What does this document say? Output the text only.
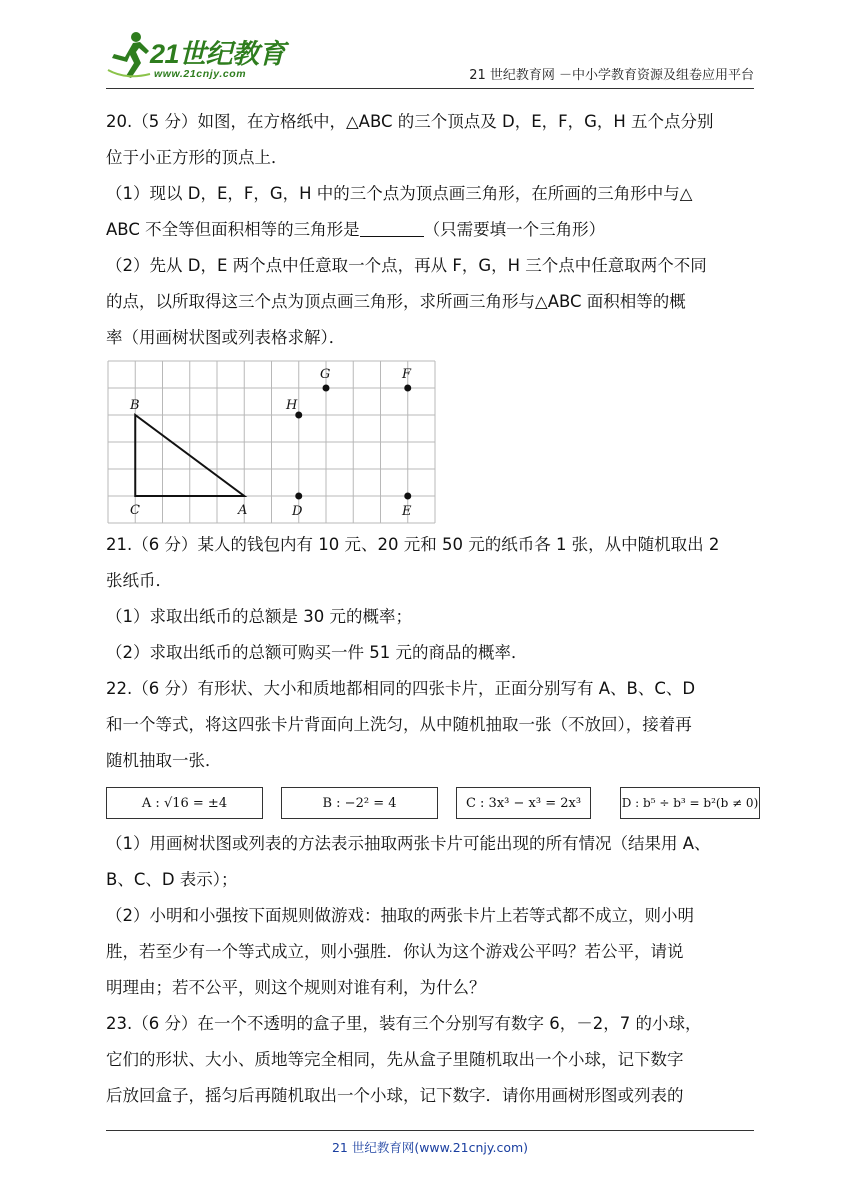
21世纪教育
www.21cnjy.com	21 世纪教育网 －中小学教育资源及组卷应用平台

20.（5 分）如图，在方格纸中，△ABC 的三个顶点及 D，E，F，G，H 五个点分别

位于小正方形的顶点上．

（1）现以 D，E，F，G，H 中的三个点为顶点画三角形，在所画的三角形中与△

ABC 不全等但面积相等的三角形是	（只需要填一个三角形）

（2）先从 D，E 两个点中任意取一个点，再从 F，G，H 三个点中任意取两个不同

的点，以所取得这三个点为顶点画三角形，求所画三角形与△ABC 面积相等的概

率（用画树状图或列表格求解）．

B
C	A	D	E
H
G	F

21.（6 分）某人的钱包内有 10 元、20 元和 50 元的纸币各 1 张，从中随机取出 2

张纸币．

（1）求取出纸币的总额是 30 元的概率；

（2）求取出纸币的总额可购买一件 51 元的商品的概率．

22.（6 分）有形状、大小和质地都相同的四张卡片，正面分别写有 A、B、C、D

和一个等式，将这四张卡片背面向上洗匀，从中随机抽取一张（不放回），接着再

随机抽取一张．

A : √16 = ±4	B : −2² = 4	C : 3x³ − x³ = 2x³	D : b⁵ ÷ b³ = b²(b ≠ 0)

（1）用画树状图或列表的方法表示抽取两张卡片可能出现的所有情况（结果用 A、

B、C、D 表示）；

（2）小明和小强按下面规则做游戏：抽取的两张卡片上若等式都不成立，则小明

胜，若至少有一个等式成立，则小强胜．你认为这个游戏公平吗？若公平，请说

明理由；若不公平，则这个规则对谁有利，为什么？

23.（6 分）在一个不透明的盒子里，装有三个分别写有数字 6，－2，7 的小球，

它们的形状、大小、质地等完全相同，先从盒子里随机取出一个小球，记下数字

后放回盒子，摇匀后再随机取出一个小球，记下数字．请你用画树形图或列表的

21 世纪教育网(www.21cnjy.com)
